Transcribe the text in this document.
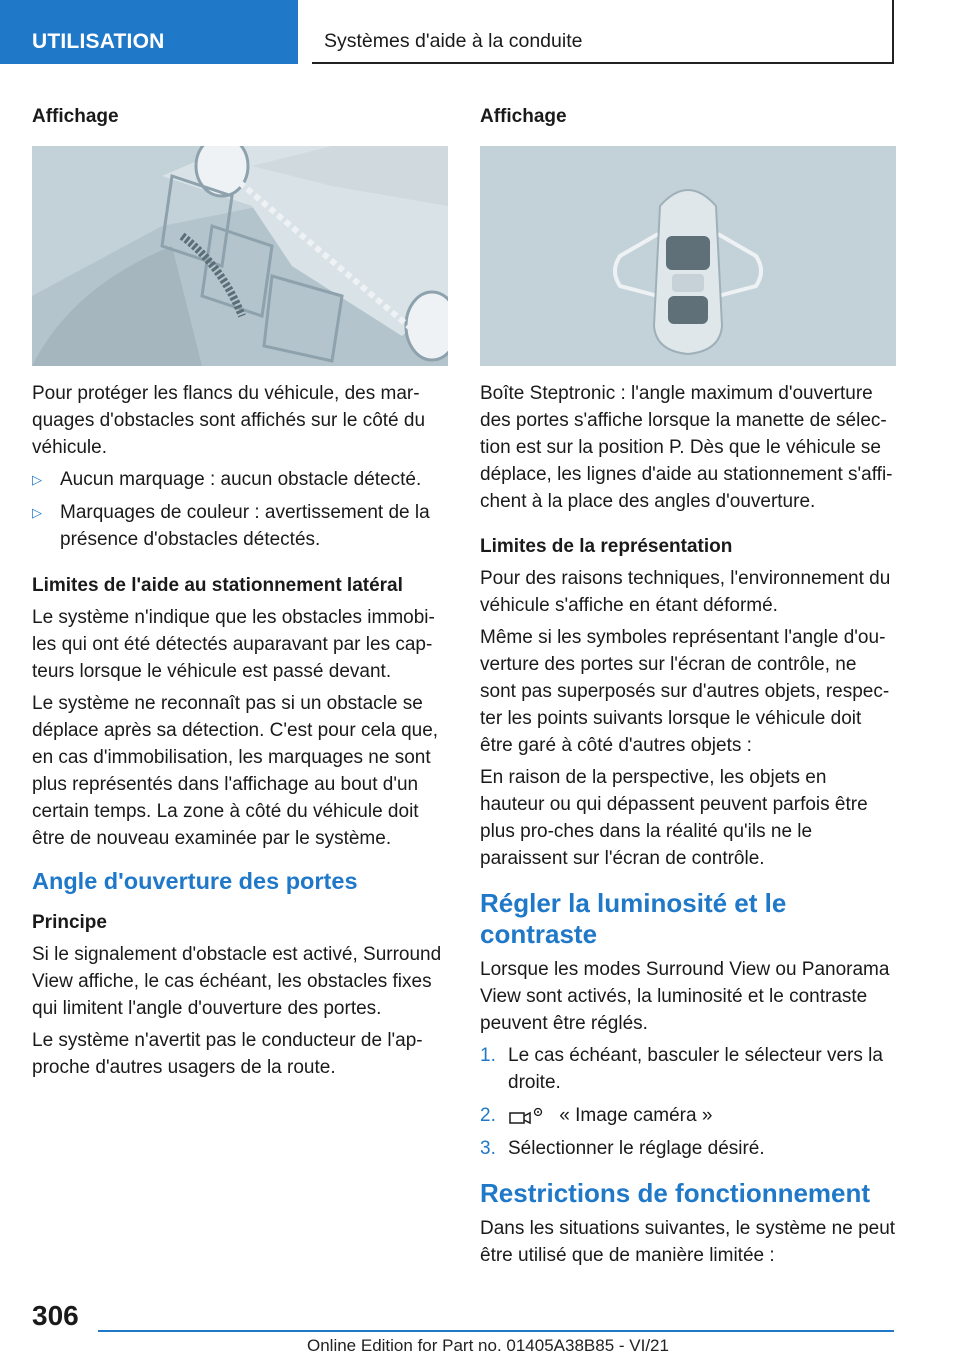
UTILISATION	Systèmes d'aide à la conduite
Affichage
Pour protéger les flancs du véhicule, des mar-quages d'obstacles sont affichés sur le côté du véhicule.
▷ Aucun marquage : aucun obstacle détecté.
▷ Marquages de couleur : avertissement de la présence d'obstacles détectés.
Limites de l'aide au stationnement latéral
Le système n'indique que les obstacles immobi-les qui ont été détectés auparavant par les cap-teurs lorsque le véhicule est passé devant.
Le système ne reconnaît pas si un obstacle se déplace après sa détection. C'est pour cela que, en cas d'immobilisation, les marquages ne sont plus représentés dans l'affichage au bout d'un certain temps. La zone à côté du véhicule doit être de nouveau examinée par le système.
Angle d'ouverture des portes
Principe
Si le signalement d'obstacle est activé, Surround View affiche, le cas échéant, les obstacles fixes qui limitent l'angle d'ouverture des portes.
Le système n'avertit pas le conducteur de l'ap-proche d'autres usagers de la route.
Affichage
Boîte Steptronic : l'angle maximum d'ouverture des portes s'affiche lorsque la manette de sélec-tion est sur la position P. Dès que le véhicule se déplace, les lignes d'aide au stationnement s'affi-chent à la place des angles d'ouverture.
Limites de la représentation
Pour des raisons techniques, l'environnement du véhicule s'affiche en étant déformé.
Même si les symboles représentant l'angle d'ou-verture des portes sur l'écran de contrôle, ne sont pas superposés sur d'autres objets, respec-ter les points suivants lorsque le véhicule doit être garé à côté d'autres objets :
En raison de la perspective, les objets en hauteur ou qui dépassent peuvent parfois être plus pro-ches dans la réalité qu'ils ne le paraissent sur l'écran de contrôle.
Régler la luminosité et le contraste
Lorsque les modes Surround View ou Panorama View sont activés, la luminosité et le contraste peuvent être réglés.
1. Le cas échéant, basculer le sélecteur vers la droite.
2.	« Image caméra »
3. Sélectionner le réglage désiré.
Restrictions de fonctionnement
Dans les situations suivantes, le système ne peut être utilisé que de manière limitée :
306
Online Edition for Part no. 01405A38B85 - VI/21
